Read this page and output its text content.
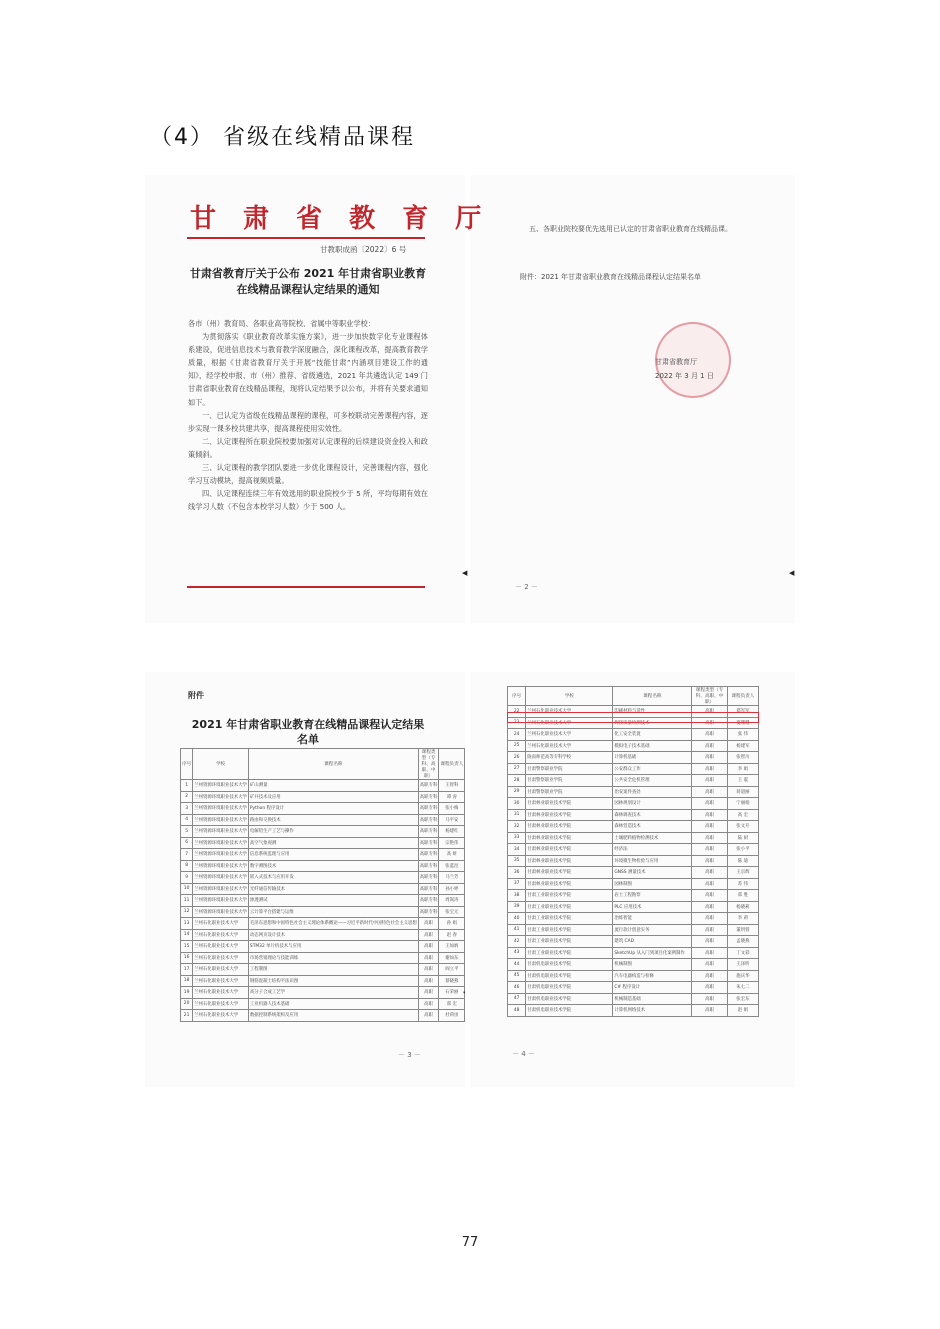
（4） 省级在线精品课程
甘 肃 省 教 育 厅
甘教职成函〔2022〕6 号
甘肃省教育厅关于公布 2021 年甘肃省职业教育在线精品课程认定结果的通知

各市（州）教育局、各职业高等院校、省属中等职业学校：

为贯彻落实《职业教育改革实施方案》，进一步加快数字化专业课程体系建设，促进信息技术与教育教学深度融合，深化课程改革，提高教育教学质量，根据《甘肃省教育厅关于开展“技能甘肃”内涵项目建设工作的通知》，经学校申报、市（州）推荐、省级遴选，2021 年共遴选认定 149 门甘肃省职业教育在线精品课程，现将认定结果予以公布，并将有关要求通知如下。

一、已认定为省级在线精品课程的课程，可多校联动完善课程内容，逐步实现一课多校共建共享，提高课程使用实效性。

二、认定课程所在职业院校要加强对认定课程的后续建设资金投入和政策倾斜。

三、认定课程的教学团队要进一步优化课程设计，完善课程内容，强化学习互动模块，提高视频质量。

四、认定课程连续三年有效选用的职业院校少于 5 所，平均每期有效在线学习人数（不包含本校学习人数）少于 500 人。

◀
五、各职业院校要优先选用已认定的甘肃省职业教育在线精品课。
附件：2021 年甘肃省职业教育在线精品课程认定结果名单
甘肃省教育厅
2022 年 3 月 1 日
－ 2 －
◀
附件
2021 年甘肃省职业教育在线精品课程认定结果名单
序号	学校	课程名称	课程类型（专科、高职、中职）	课程负责人
1	兰州资源环境职业技术大学	矿山测量	高职专科	王智科
2	兰州资源环境职业技术大学	矿井技术及应用	高职专科	谭 涛
3	兰州资源环境职业技术大学	Python 程序设计	高职专科	张小梅
4	兰州资源环境职业技术大学	路由和交换技术	高职专科	马平安
5	兰州资源环境职业技术大学	电解铝生产工艺与操作	高职专科	杨建红
6	兰州资源环境职业技术大学	高空气象观测	高职专科	宗艳伟
7	兰州资源环境职业技术大学	信息系统监理与应用	高职专科	高 妍
8	兰州资源环境职业技术大学	数字测图技术	高职专科	张蓝昆
9	兰州资源环境职业技术大学	嵌入式技术与应用开发	高职专科	马兰芳
10	兰州资源环境职业技术大学	光纤通信传输技术	高职专科	孙小婷
11	兰州资源环境职业技术大学	渗透测试	高职专科	周嵩涛
12	兰州资源环境职业技术大学	云计算平台搭建与运维	高职专科	张宝元
13	兰州石化职业技术大学	毛泽东思想和中国特色社会主义理论体系概论——习近平新时代中国特色社会主义思想	高职	孙 娟
14	兰州石化职业技术大学	动态网页设计技术	高职	赵 春
15	兰州石化职业技术大学	STM32 单片机技术与应用	高职	王如炳
16	兰州石化职业技术大学	市场营销理论与技能训练	高职	谢如东
17	兰州石化职业技术大学	工程制图	高职	阎立平
18	兰州石化职业技术大学	钢筋混凝土结构平法识图	高职	蔡晓燕
19	兰州石化职业技术大学	高分子合成工艺学	高职	石荣丽
20	兰州石化职业技术大学	工业机器人技术基础	高职	郑 宏
21	兰州石化职业技术大学	数据控制系统架构及应用	高职	杜荷宙
－ 3 －
序号	学校	课程名称	课程类型（专科、高职、中职）	课程负责人
22	兰州石化职业技术大学	印刷材料与适性	高职	郑军军
23	兰州石化职业技术大学	焊接质量检测技术	高职	夏珊珊
24	兰州石化职业技术大学	化工安全装置	高职	张 伟
25	兰州石化职业技术大学	模拟电子技术基础	高职	杨建军
26	陇南师范高等专科学校	计算机基础	高职	张智川
27	甘肃警察职业学院	公安群众工作	高职	李 娟
28	甘肃警察职业学院	公共安全危机管理	高职	王 震
29	甘肃警察职业学院	治安案件查处	高职	蒋道丽
30	甘肃林业职业技术学院	园林规划设计	高职	宁丽娟
31	甘肃林业职业技术学院	森林调查技术	高职	高 宏
32	甘肃林业职业技术学院	森林营造技术	高职	张文开
33	甘肃林业职业技术学院	土壤肥料植物检测技术	高职	陆 厨
34	甘肃林业职业技术学院	经济法	高职	张小平
35	甘肃林业职业技术学院	环境微生物检验与应用	高职	陈 迪
36	甘肃林业职业技术学院	GNSS 测量技术	高职	王宗辉
37	甘肃林业职业技术学院	园林制图	高职	苏 伟
38	甘肃工业职业技术学院	岩土工程勘察	高职	郑 胜
39	甘肃工业职业技术学院	PLC 应用技术	高职	杨晓莉
40	甘肃工业职业技术学院	冶炼智能	高职	李 莉
41	甘肃工业职业技术学院	流行款计创意实务	高职	董玥蓉
42	甘肃工业职业技术学院	建筑 CAD	高职	孟晓燕
43	甘肃工业职业技术学院	SketchUp 从入门到项目化案例制作	高职	丁文彩
44	甘肃机电职业技术学院	机械制图	高职	王泽昕
45	甘肃机电职业技术学院	汽车电器构造与检修	高职	施庆华
46	甘肃机电职业技术学院	C# 程序设计	高职	朱七二
47	甘肃机电职业技术学院	机械制造基础	高职	张宏东
48	甘肃机电职业技术学院	计算机网络技术	高职	赵 娟
❛
－ 4 －
77
